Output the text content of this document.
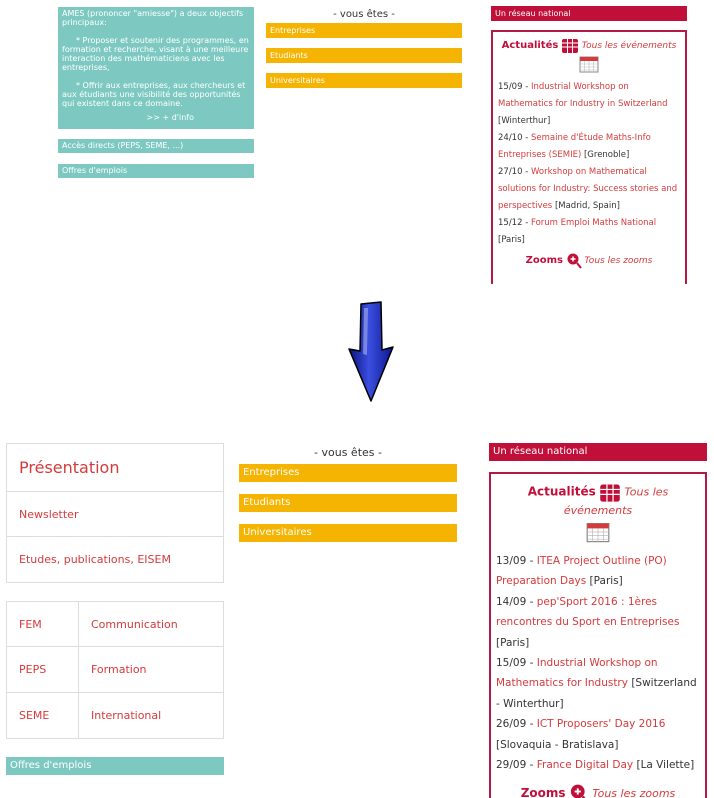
AMES (prononcer "amiesse") a deux objectifs principaux:

* Proposer et soutenir des programmes, en formation et recherche, visant à une meilleure interaction des mathématiciens avec les entreprises,

* Offrir aux entreprises, aux chercheurs et aux étudiants une visibilité des opportunités qui existent dans ce domaine.

>> + d'info
Accès directs (PEPS, SEME, ...)
Offres d'emplois
- vous êtes -
Entreprises
Etudiants
Universitaires
Un réseau national
Actualités	Tous les événements
15/09 - Industrial Workshop on Mathematics for Industry in Switzerland [Winterthur]
24/10 - Semaine d'Étude Maths-Info Entreprises (SEMIE) [Grenoble]
27/10 - Workshop on Mathematical solutions for Industry: Success stories and perspectives [Madrid, Spain]
15/12 - Forum Emploi Maths National [Paris]
Zooms Tous les zooms
Présentation
Newsletter
Etudes, publications, EISEM
FEM	Communication
PEPS	Formation
SEME	International
Offres d'emplois
- vous êtes -
Entreprises
Etudiants
Universitaires
Un réseau national
Actualités	Tous les événements
13/09 - ITEA Project Outline (PO) Preparation Days [Paris]
14/09 - pep'Sport 2016 : 1ères rencontres du Sport en Entreprises [Paris]
15/09 - Industrial Workshop on Mathematics for Industry [Switzerland - Winterthur]
26/09 - ICT Proposers' Day 2016 [Slovaquia - Bratislava]
29/09 - France Digital Day [La Vilette]
Zooms Tous les zooms
